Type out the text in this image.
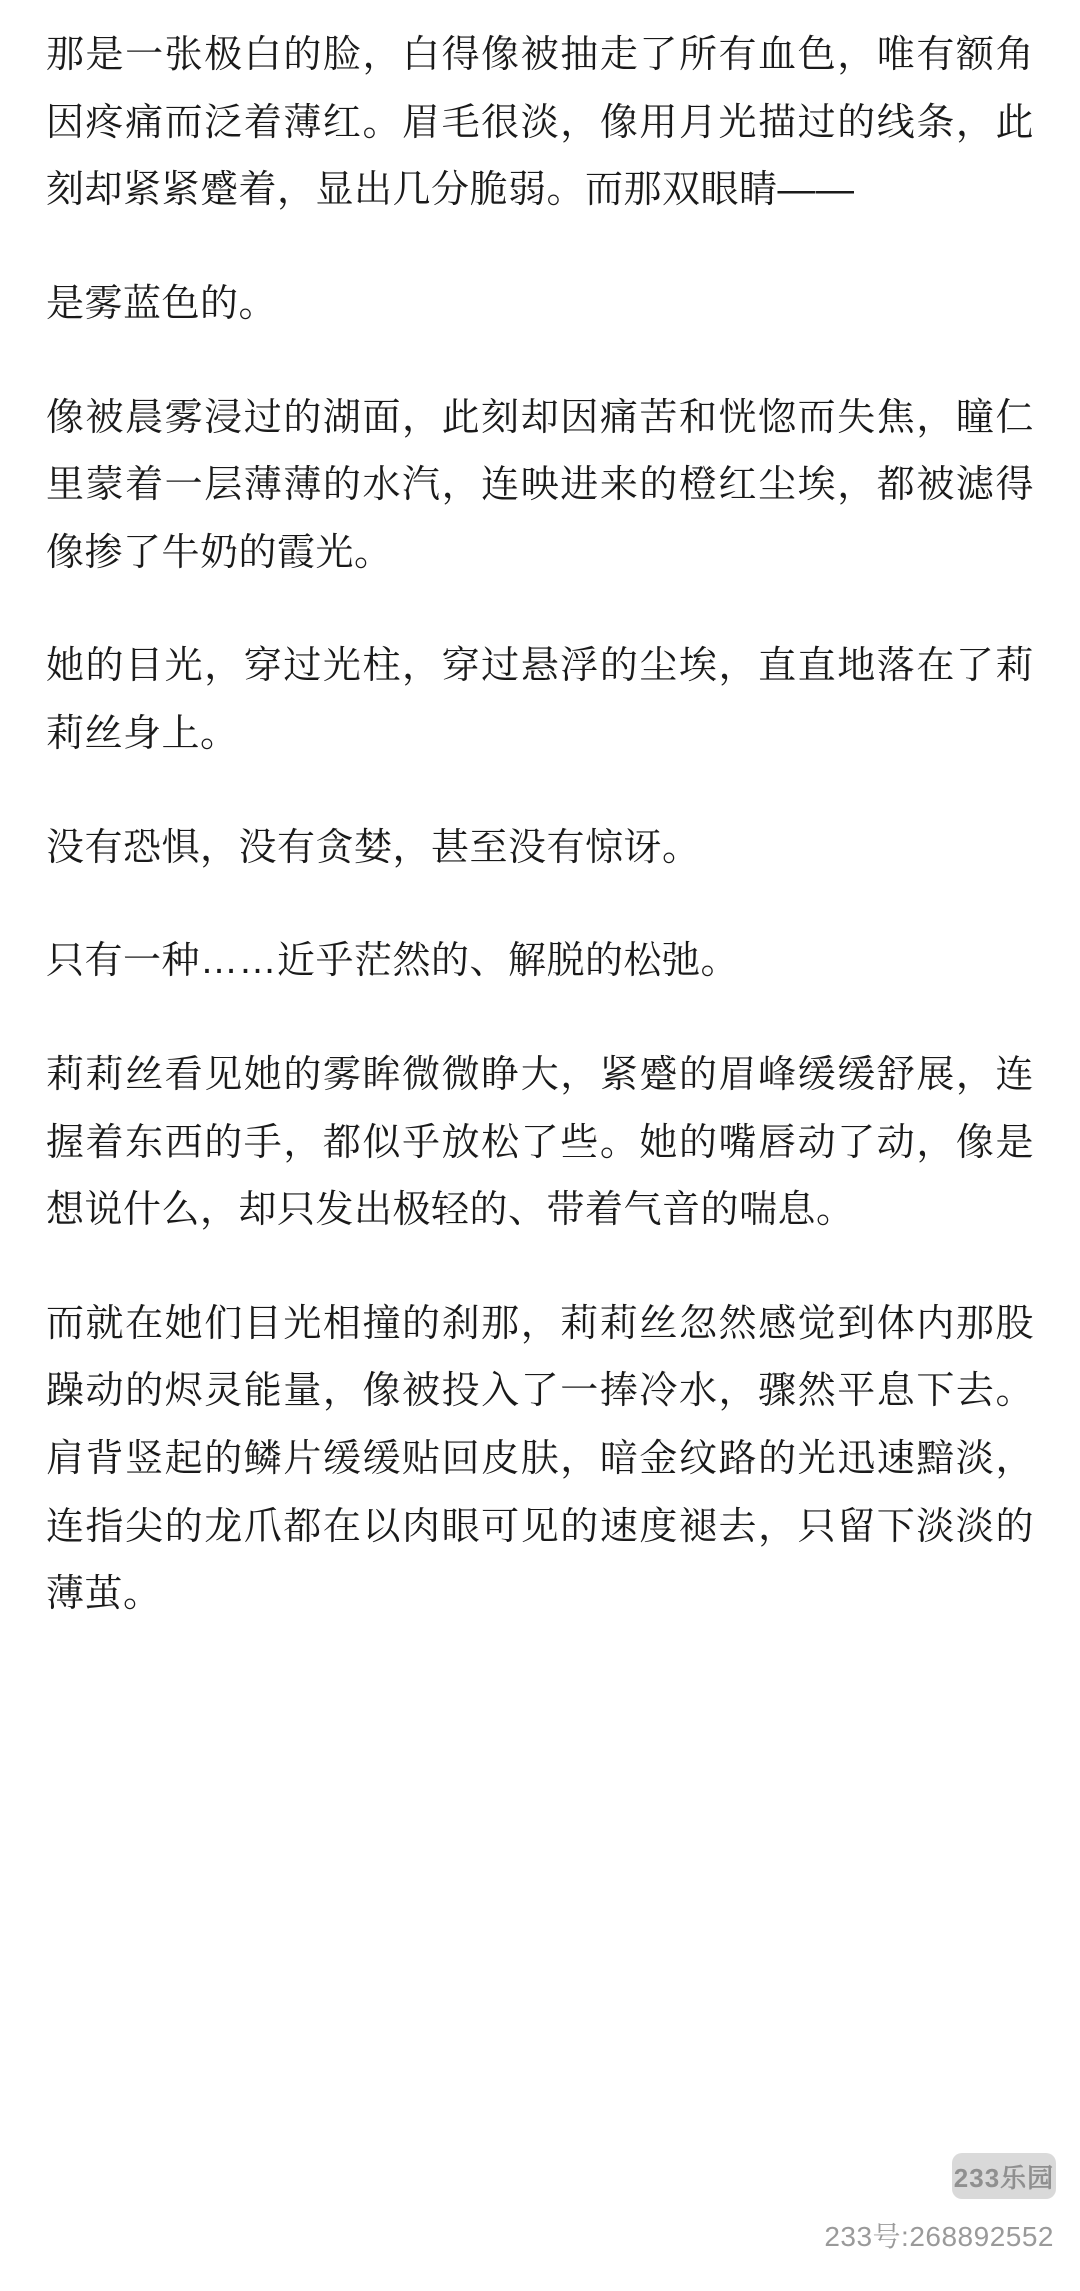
那是一张极白的脸，白得像被抽走了所有血色，唯有额角因疼痛而泛着薄红。眉毛很淡，像用月光描过的线条，此刻却紧紧蹙着，显出几分脆弱。而那双眼睛——

是雾蓝色的。

像被晨雾浸过的湖面，此刻却因痛苦和恍惚而失焦，瞳仁里蒙着一层薄薄的水汽，连映进来的橙红尘埃，都被滤得像掺了牛奶的霞光。

她的目光，穿过光柱，穿过悬浮的尘埃，直直地落在了莉莉丝身上。

没有恐惧，没有贪婪，甚至没有惊讶。

只有一种……近乎茫然的、解脱的松弛。

莉莉丝看见她的雾眸微微睁大，紧蹙的眉峰缓缓舒展，连握着东西的手，都似乎放松了些。她的嘴唇动了动，像是想说什么，却只发出极轻的、带着气音的喘息。

而就在她们目光相撞的刹那，莉莉丝忽然感觉到体内那股躁动的烬灵能量，像被投入了一捧冷水，骤然平息下去。肩背竖起的鳞片缓缓贴回皮肤，暗金纹路的光迅速黯淡，连指尖的龙爪都在以肉眼可见的速度褪去，只留下淡淡的薄茧。

233乐园
233号:268892552
